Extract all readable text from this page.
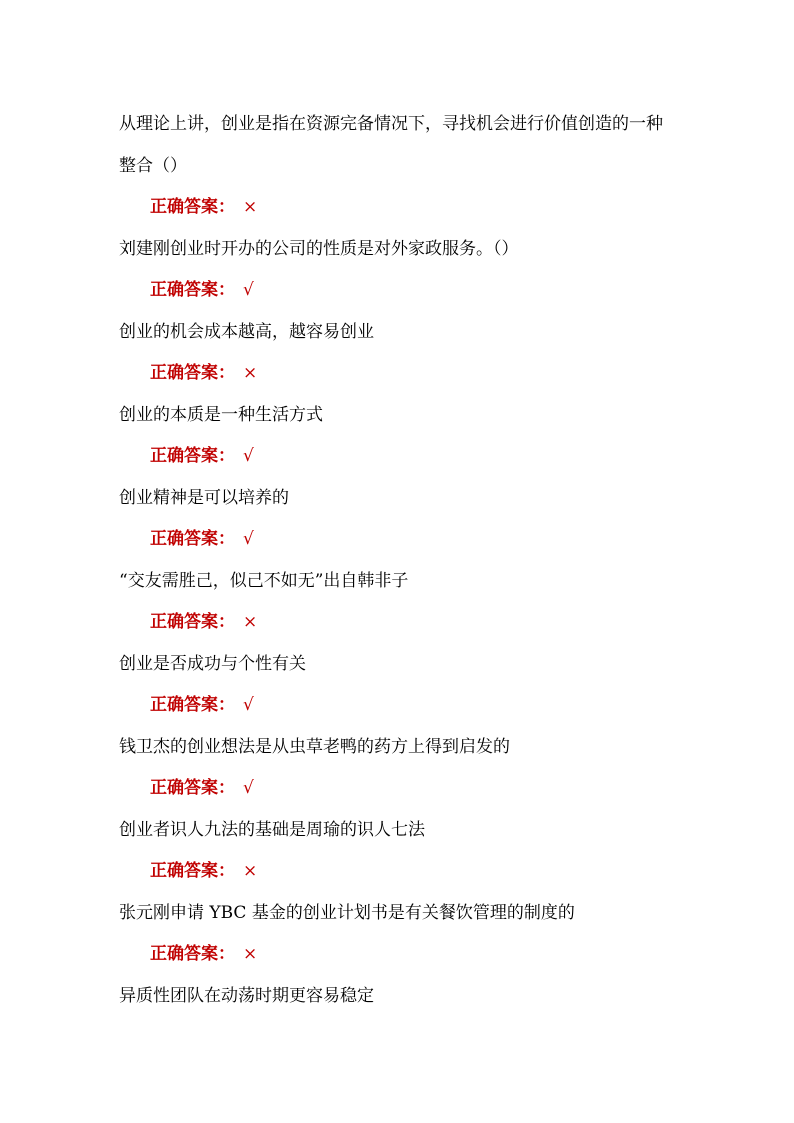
从理论上讲，创业是指在资源完备情况下，寻找机会进行价值创造的一种整合（）

正确答案： ×

刘建刚创业时开办的公司的性质是对外家政服务。（）

正确答案： √

创业的机会成本越高，越容易创业

正确答案： ×

创业的本质是一种生活方式

正确答案： √

创业精神是可以培养的

正确答案： √

“交友需胜己，似己不如无”出自韩非子

正确答案： ×

创业是否成功与个性有关

正确答案： √

钱卫杰的创业想法是从虫草老鸭的药方上得到启发的

正确答案： √

创业者识人九法的基础是周瑜的识人七法

正确答案： ×

张元刚申请 YBC 基金的创业计划书是有关餐饮管理的制度的

正确答案： ×

异质性团队在动荡时期更容易稳定
